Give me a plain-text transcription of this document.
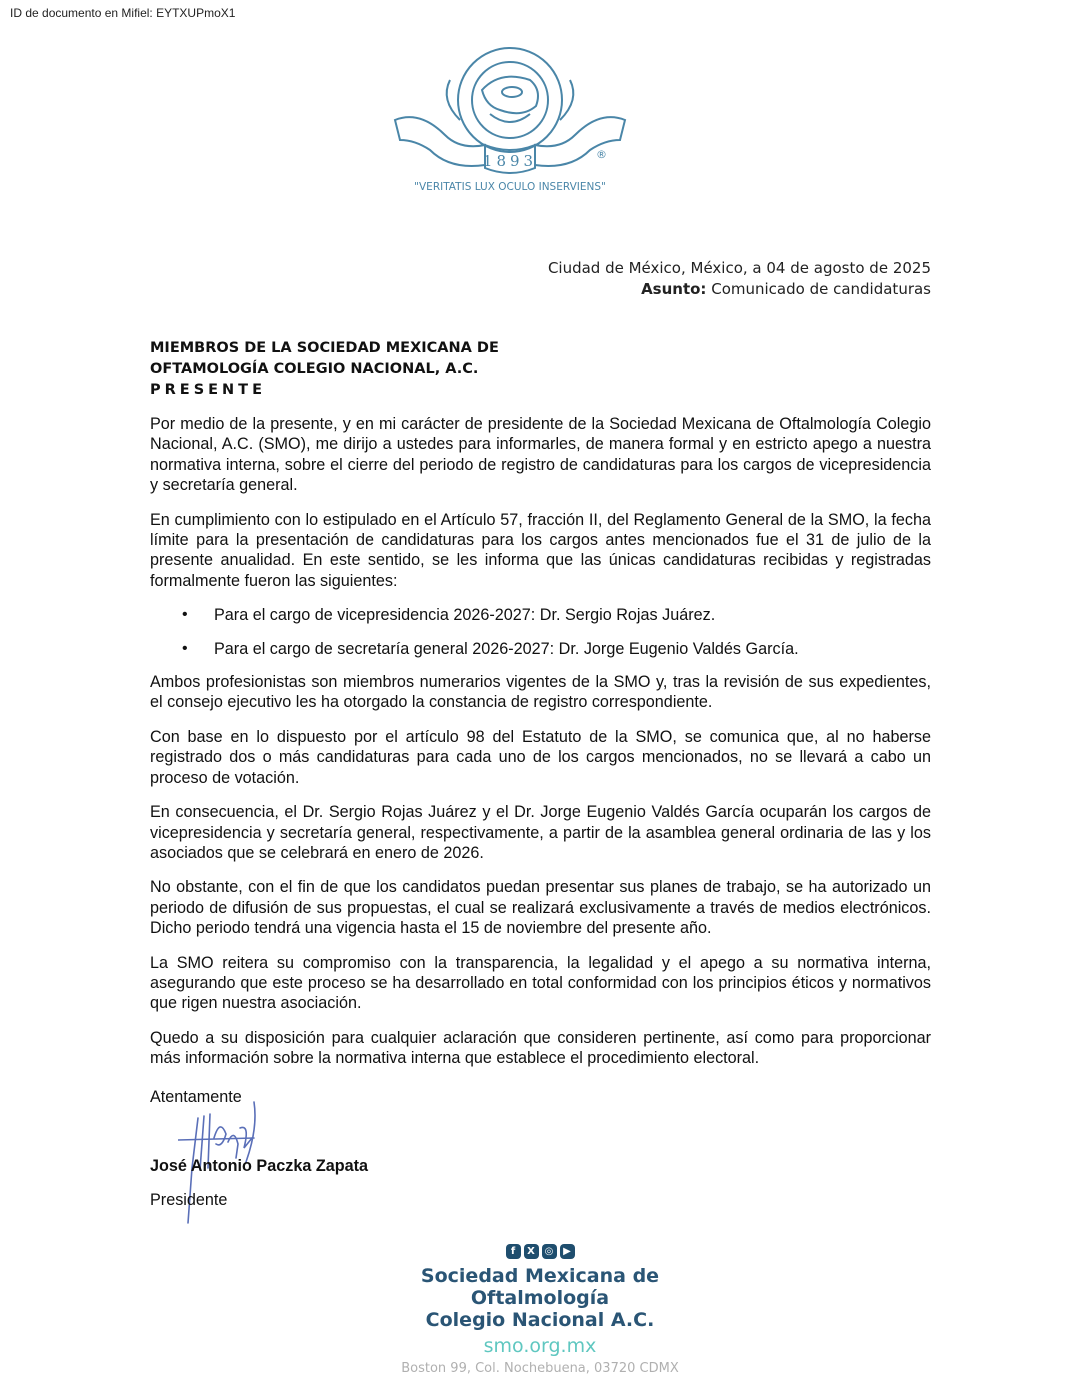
ID de documento en Mifiel: EYTXUPmoX1
1893	®
"VERITATIS LUX OCULO INSERVIENS"
Ciudad de México, México, a 04 de agosto de 2025
Asunto: Comunicado de candidaturas
MIEMBROS DE LA SOCIEDAD MEXICANA DE
OFTAMOLOGÍA COLEGIO NACIONAL, A.C.
PRESENTE

Por medio de la presente, y en mi carácter de presidente de la Sociedad Mexicana de Oftalmología Colegio Nacional, A.C. (SMO), me dirijo a ustedes para informarles, de manera formal y en estricto apego a nuestra normativa interna, sobre el cierre del periodo de registro de candidaturas para los cargos de vicepresidencia y secretaría general.

En cumplimiento con lo estipulado en el Artículo 57, fracción II, del Reglamento General de la SMO, la fecha límite para la presentación de candidaturas para los cargos antes mencionados fue el 31 de julio de la presente anualidad. En este sentido, se les informa que las únicas candidaturas recibidas y registradas formalmente fueron las siguientes:

• Para el cargo de vicepresidencia 2026-2027: Dr. Sergio Rojas Juárez.
• Para el cargo de secretaría general 2026-2027: Dr. Jorge Eugenio Valdés García.

Ambos profesionistas son miembros numerarios vigentes de la SMO y, tras la revisión de sus expedientes, el consejo ejecutivo les ha otorgado la constancia de registro correspondiente.

Con base en lo dispuesto por el artículo 98 del Estatuto de la SMO, se comunica que, al no haberse registrado dos o más candidaturas para cada uno de los cargos mencionados, no se llevará a cabo un proceso de votación.

En consecuencia, el Dr. Sergio Rojas Juárez y el Dr. Jorge Eugenio Valdés García ocuparán los cargos de vicepresidencia y secretaría general, respectivamente, a partir de la asamblea general ordinaria de las y los asociados que se celebrará en enero de 2026.

No obstante, con el fin de que los candidatos puedan presentar sus planes de trabajo, se ha autorizado un periodo de difusión de sus propuestas, el cual se realizará exclusivamente a través de medios electrónicos. Dicho periodo tendrá una vigencia hasta el 15 de noviembre del presente año.

La SMO reitera su compromiso con la transparencia, la legalidad y el apego a su normativa interna, asegurando que este proceso se ha desarrollado en total conformidad con los principios éticos y normativos que rigen nuestra asociación.

Quedo a su disposición para cualquier aclaración que consideren pertinente, así como para proporcionar más información sobre la normativa interna que establece el procedimiento electoral.

Atentamente
José Antonio Paczka Zapata
Presidente
f	X ◎ ▶
Sociedad Mexicana de Oftalmología
Colegio Nacional A.C.
smo.org.mx
Boston 99, Col. Nochebuena, 03720 CDMX
